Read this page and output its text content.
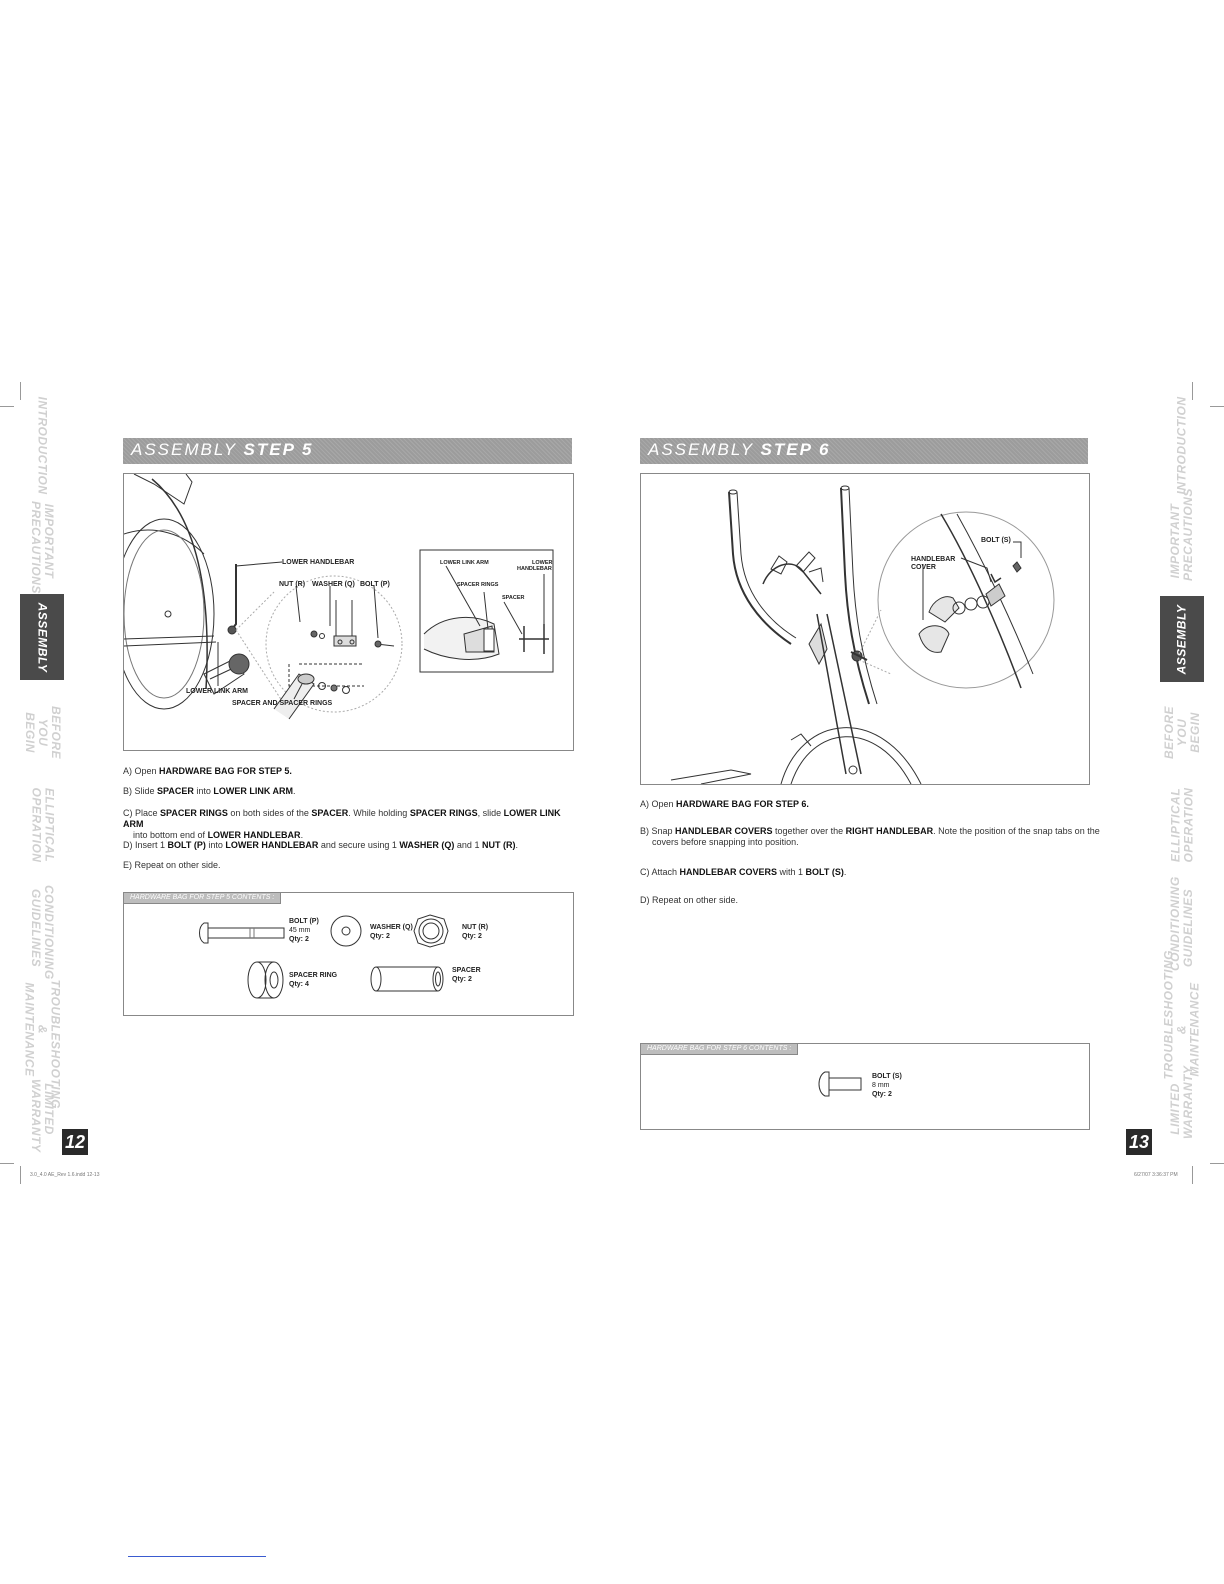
INTRODUCTION
IMPORTANT PRECAUTIONS
ASSEMBLY
BEFORE YOU BEGIN
ELLIPTICAL OPERATION
CONDITIONING GUIDELINES
TROUBLESHOOTING & MAINTENANCE
LIMITED WARRANTY
INTRODUCTION
IMPORTANT PRECAUTIONS
ASSEMBLY
BEFORE YOU BEGIN
ELLIPTICAL OPERATION
CONDITIONING GUIDELINES
TROUBLESHOOTING & MAINTENANCE
LIMITED WARRANTY
ASSEMBLY STEP 5
LOWER HANDLEBAR
NUT (R) WASHER (Q) BOLT (P)
LOWER LINK ARM
SPACER AND SPACER RINGS
LOWER LINK ARM	LOWER
HANDLEBAR
SPACER RINGS
SPACER
A) Open HARDWARE BAG FOR STEP 5.
B) Slide SPACER into LOWER LINK ARM.
C) Place SPACER RINGS on both sides of the SPACER. While holding SPACER RINGS, slide LOWER LINK ARM
into bottom end of LOWER HANDLEBAR.
D) Insert 1 BOLT (P) into LOWER HANDLEBAR and secure using 1 WASHER (Q) and 1 NUT (R).
E) Repeat on other side.
HARDWARE BAG FOR STEP 5 CONTENTS :
BOLT (P)
45 mm
Qty: 2
WASHER (Q)
Qty: 2
NUT (R)
Qty: 2
SPACER RING
Qty: 4
SPACER
Qty: 2
12
3.0_4.0 AE_Rev 1.6.indd 12-13
ASSEMBLY STEP 6
BOLT (S)
HANDLEBAR
COVER
A) Open HARDWARE BAG FOR STEP 6.
B) Snap HANDLEBAR COVERS together over the RIGHT HANDLEBAR. Note the position of the snap tabs on the
covers before snapping into position.
C) Attach HANDLEBAR COVERS with 1 BOLT (S).
D) Repeat on other side.
HARDWARE BAG FOR STEP 6 CONTENTS :
BOLT (S)
8 mm
Qty: 2
13
6/27/07 3:36:37 PM
